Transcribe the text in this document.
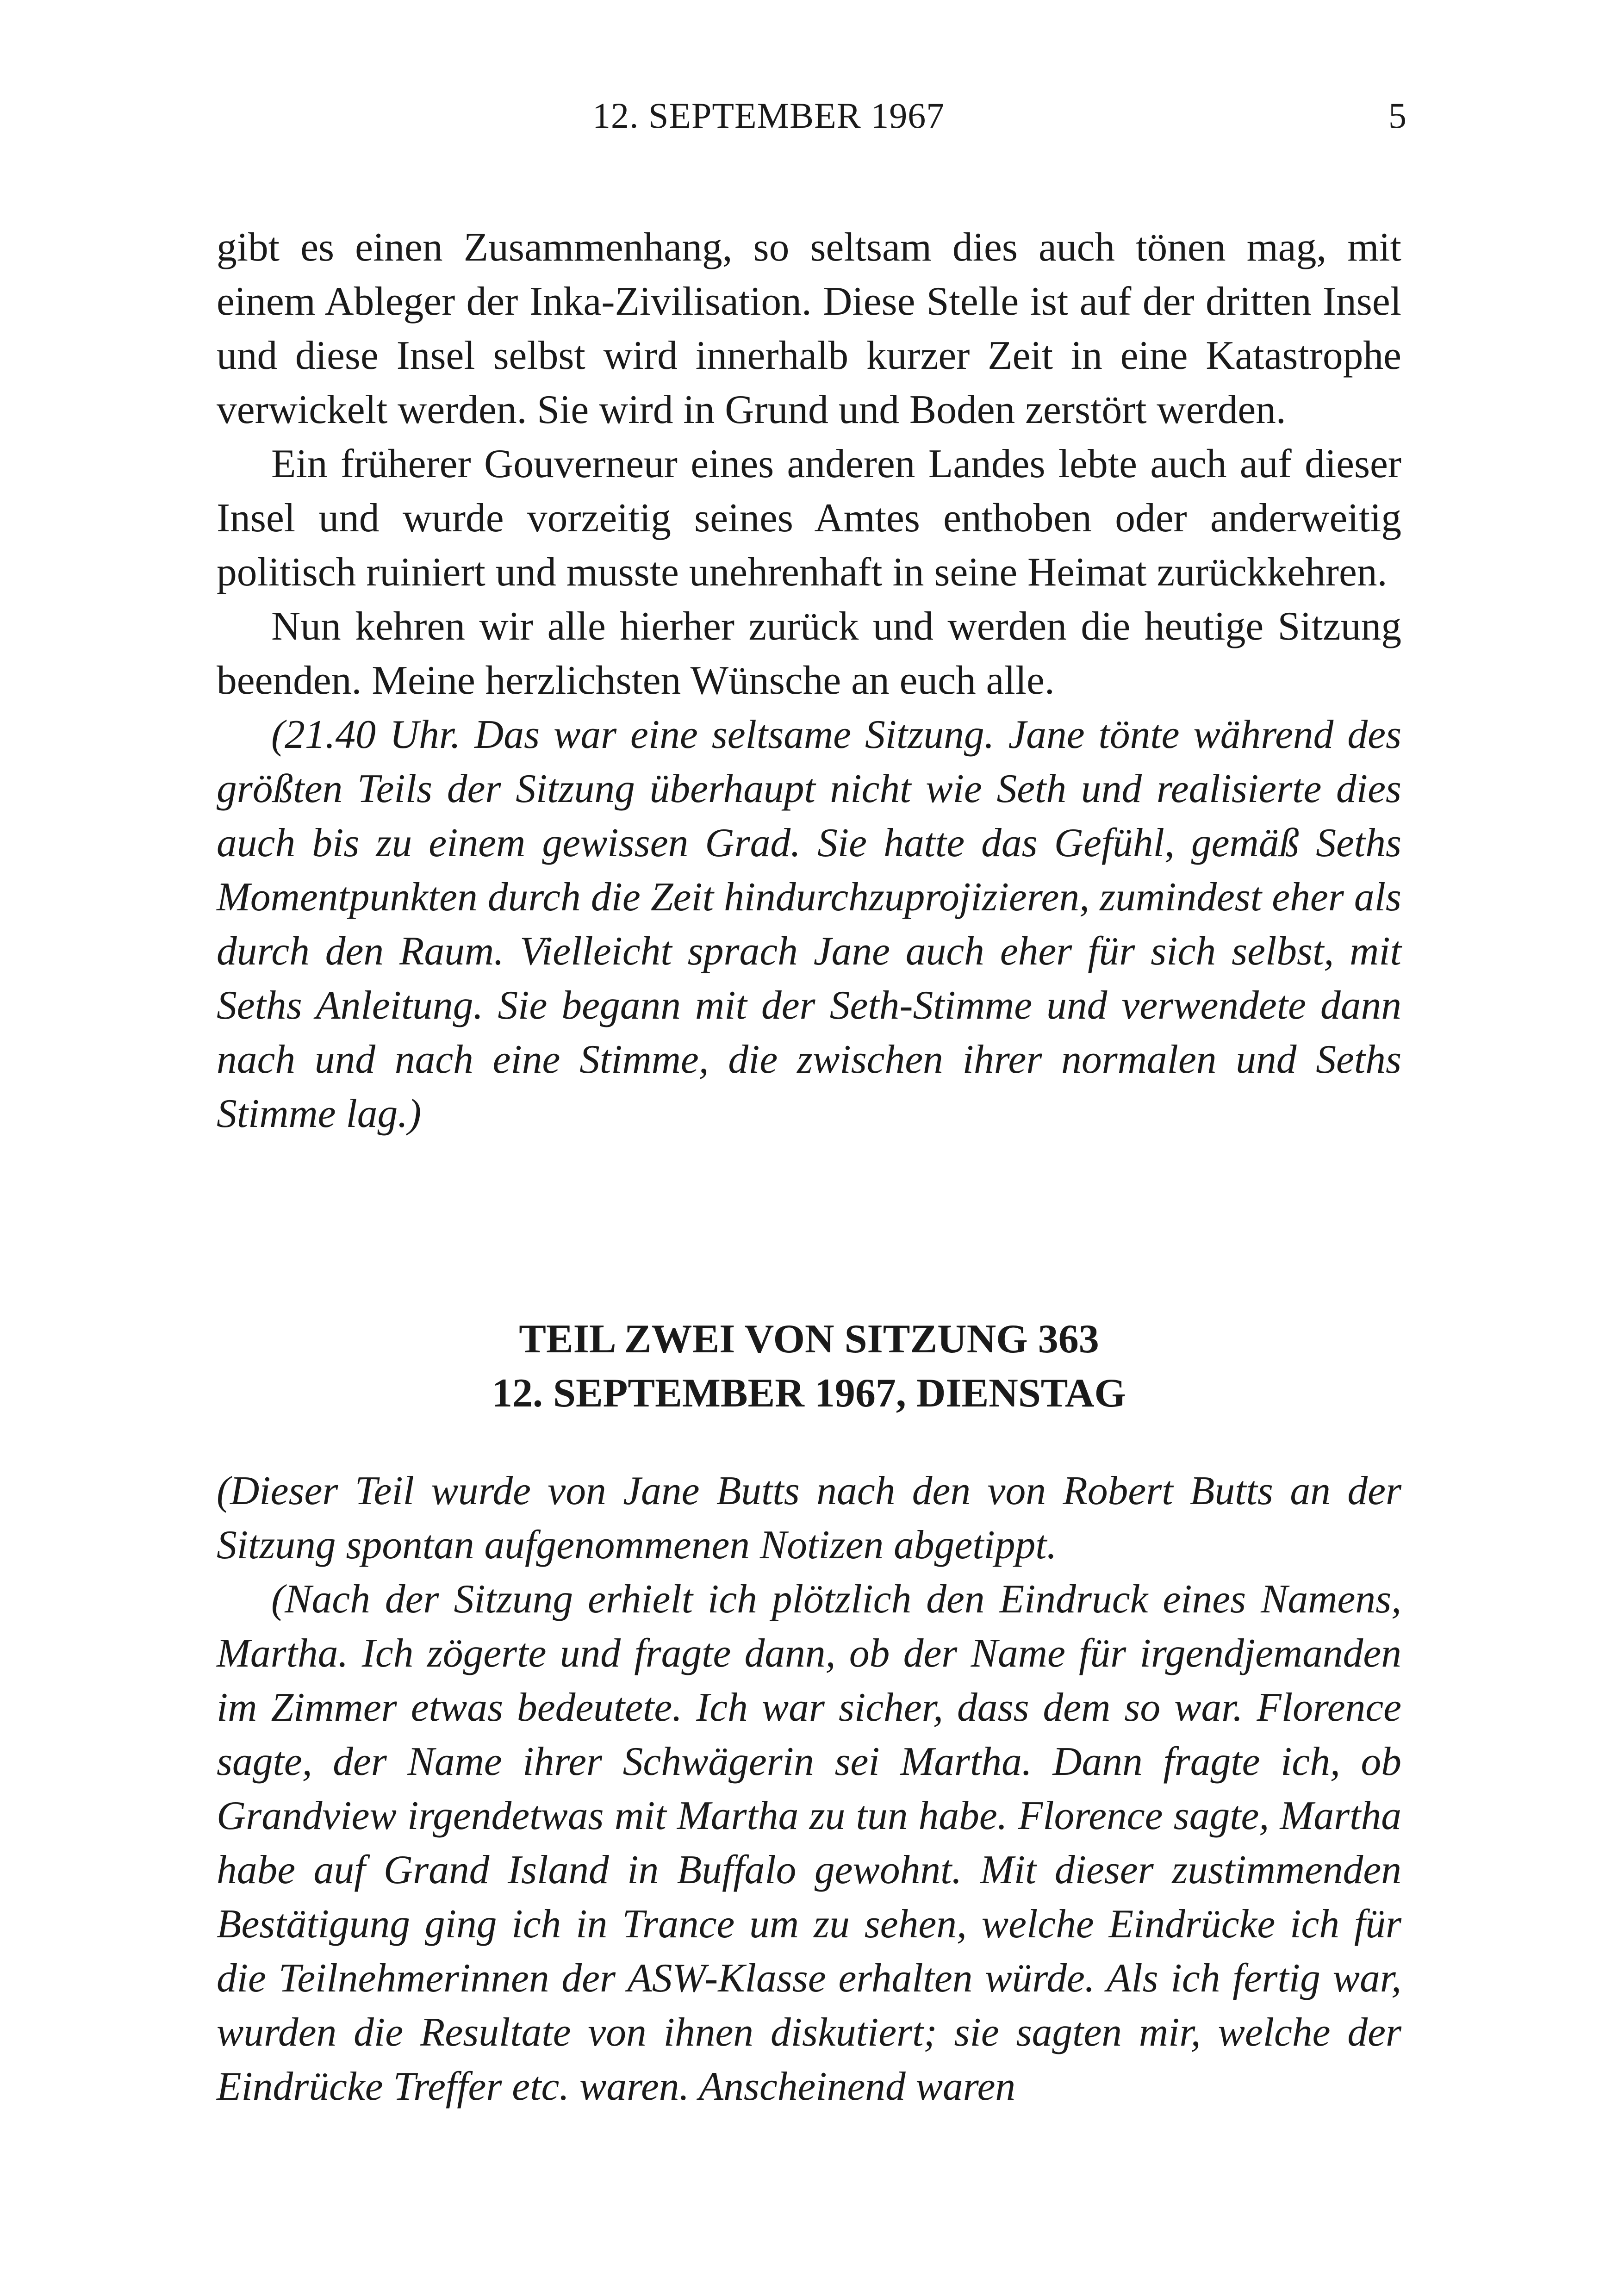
12. SEPTEMBER 1967	5

gibt es einen Zusammenhang, so seltsam dies auch tönen mag, mit einem Ableger der Inka-Zivilisation. Diese Stelle ist auf der dritten Insel und diese Insel selbst wird innerhalb kurzer Zeit in eine Katastrophe verwickelt werden. Sie wird in Grund und Boden zerstört werden.

Ein früherer Gouverneur eines anderen Landes lebte auch auf dieser Insel und wurde vorzeitig seines Amtes enthoben oder anderweitig politisch ruiniert und musste unehrenhaft in seine Heimat zurückkehren.

Nun kehren wir alle hierher zurück und werden die heutige Sitzung beenden. Meine herzlichsten Wünsche an euch alle.

(21.40 Uhr. Das war eine seltsame Sitzung. Jane tönte während des größten Teils der Sitzung überhaupt nicht wie Seth und realisierte dies auch bis zu einem gewissen Grad. Sie hatte das Gefühl, gemäß Seths Momentpunkten durch die Zeit hindurchzuprojizieren, zumindest eher als durch den Raum. Vielleicht sprach Jane auch eher für sich selbst, mit Seths Anleitung. Sie begann mit der Seth-Stimme und verwendete dann nach und nach eine Stimme, die zwischen ihrer normalen und Seths Stimme lag.)

TEIL ZWEI VON SITZUNG 363
12. SEPTEMBER 1967, DIENSTAG

(Dieser Teil wurde von Jane Butts nach den von Robert Butts an der Sitzung spontan aufgenommenen Notizen abgetippt.

(Nach der Sitzung erhielt ich plötzlich den Eindruck eines Namens, Martha. Ich zögerte und fragte dann, ob der Name für irgendjemanden im Zimmer etwas bedeutete. Ich war sicher, dass dem so war. Florence sagte, der Name ihrer Schwägerin sei Martha. Dann fragte ich, ob Grandview irgendetwas mit Martha zu tun habe. Florence sagte, Martha habe auf Grand Island in Buffalo gewohnt. Mit dieser zustimmenden Bestätigung ging ich in Trance um zu sehen, welche Eindrücke ich für die Teilnehmerinnen der ASW-Klasse erhalten würde. Als ich fertig war, wurden die Resultate von ihnen diskutiert; sie sagten mir, welche der Eindrücke Treffer etc. waren. Anscheinend waren
